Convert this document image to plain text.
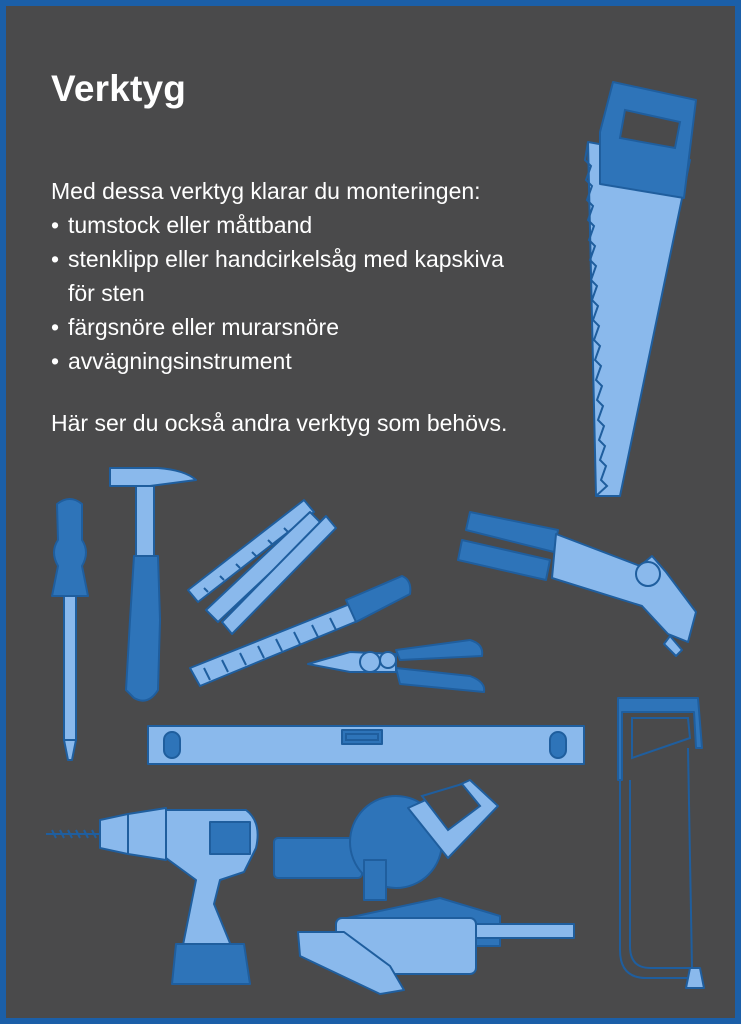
Verktyg

Med dessa verktyg klarar du monteringen:

• tumstock eller måttband
• stenklipp eller handcirkelsåg med kapskiva för sten
• färgsnöre eller murarsnöre
• avvägningsinstrument

Här ser du också andra verktyg som behövs.
